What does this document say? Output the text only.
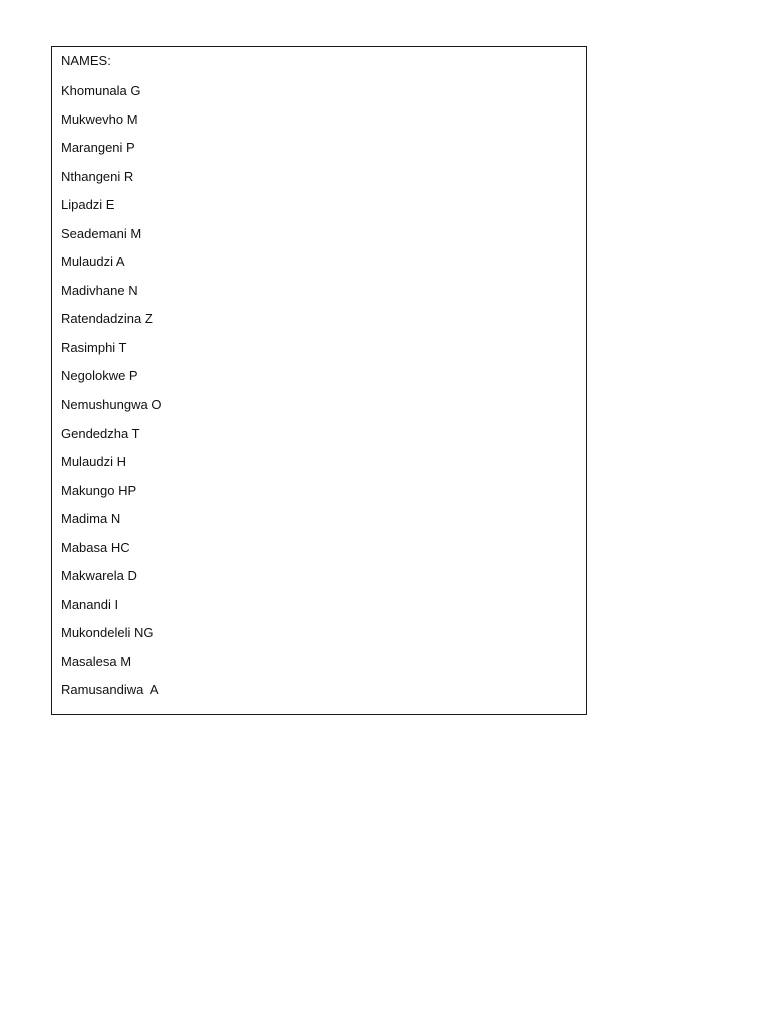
NAMES:
Khomunala G
Mukwevho M
Marangeni P
Nthangeni R
Lipadzi E
Seademani M
Mulaudzi A
Madivhane N
Ratendadzina Z
Rasimphi T
Negolokwe P
Nemushungwa O
Gendedzha T
Mulaudzi H
Makungo HP
Madima N
Mabasa HC
Makwarela D
Manandi I
Mukondeleli NG
Masalesa M
Ramusandiwa  A
